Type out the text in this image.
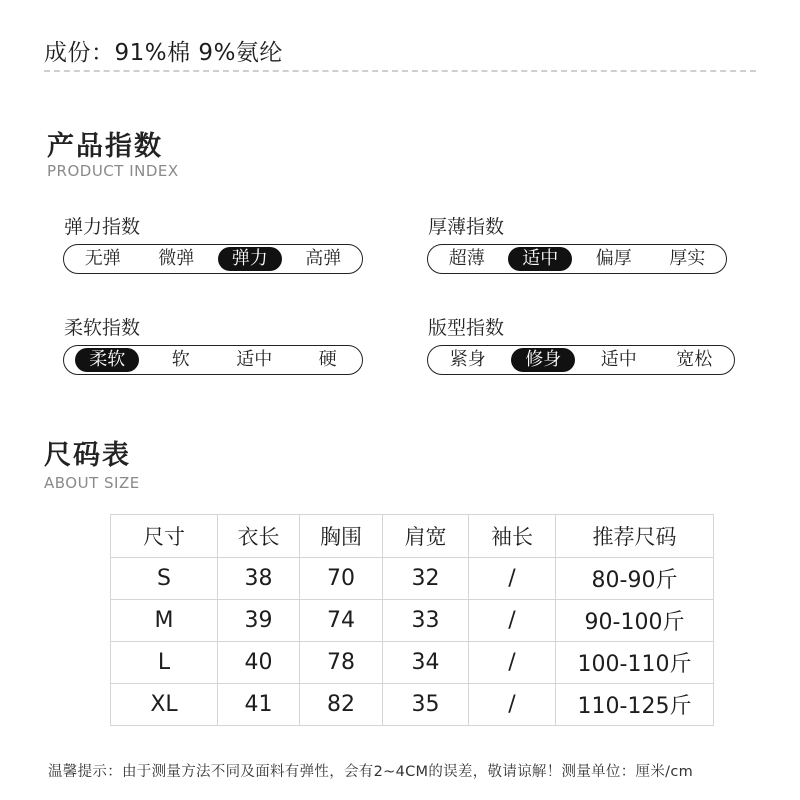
成份：91%棉 9%氨纶
产品指数
PRODUCT INDEX
弹力指数
无弹	微弹	弹力	高弹
厚薄指数
超薄	适中	偏厚	厚实
柔软指数
柔软	软	适中	硬
版型指数
紧身	修身	适中	宽松
尺码表
ABOUT SIZE
尺寸	衣长	胸围	肩宽	袖长	推荐尺码
S	38	70	32	/	80-90斤
M	39	74	33	/	90-100斤
L	40	78	34	/	100-110斤
XL	41	82	35	/	110-125斤
温馨提示：由于测量方法不同及面料有弹性，会有2~4CM的误差，敬请谅解！测量单位：厘米/cm
